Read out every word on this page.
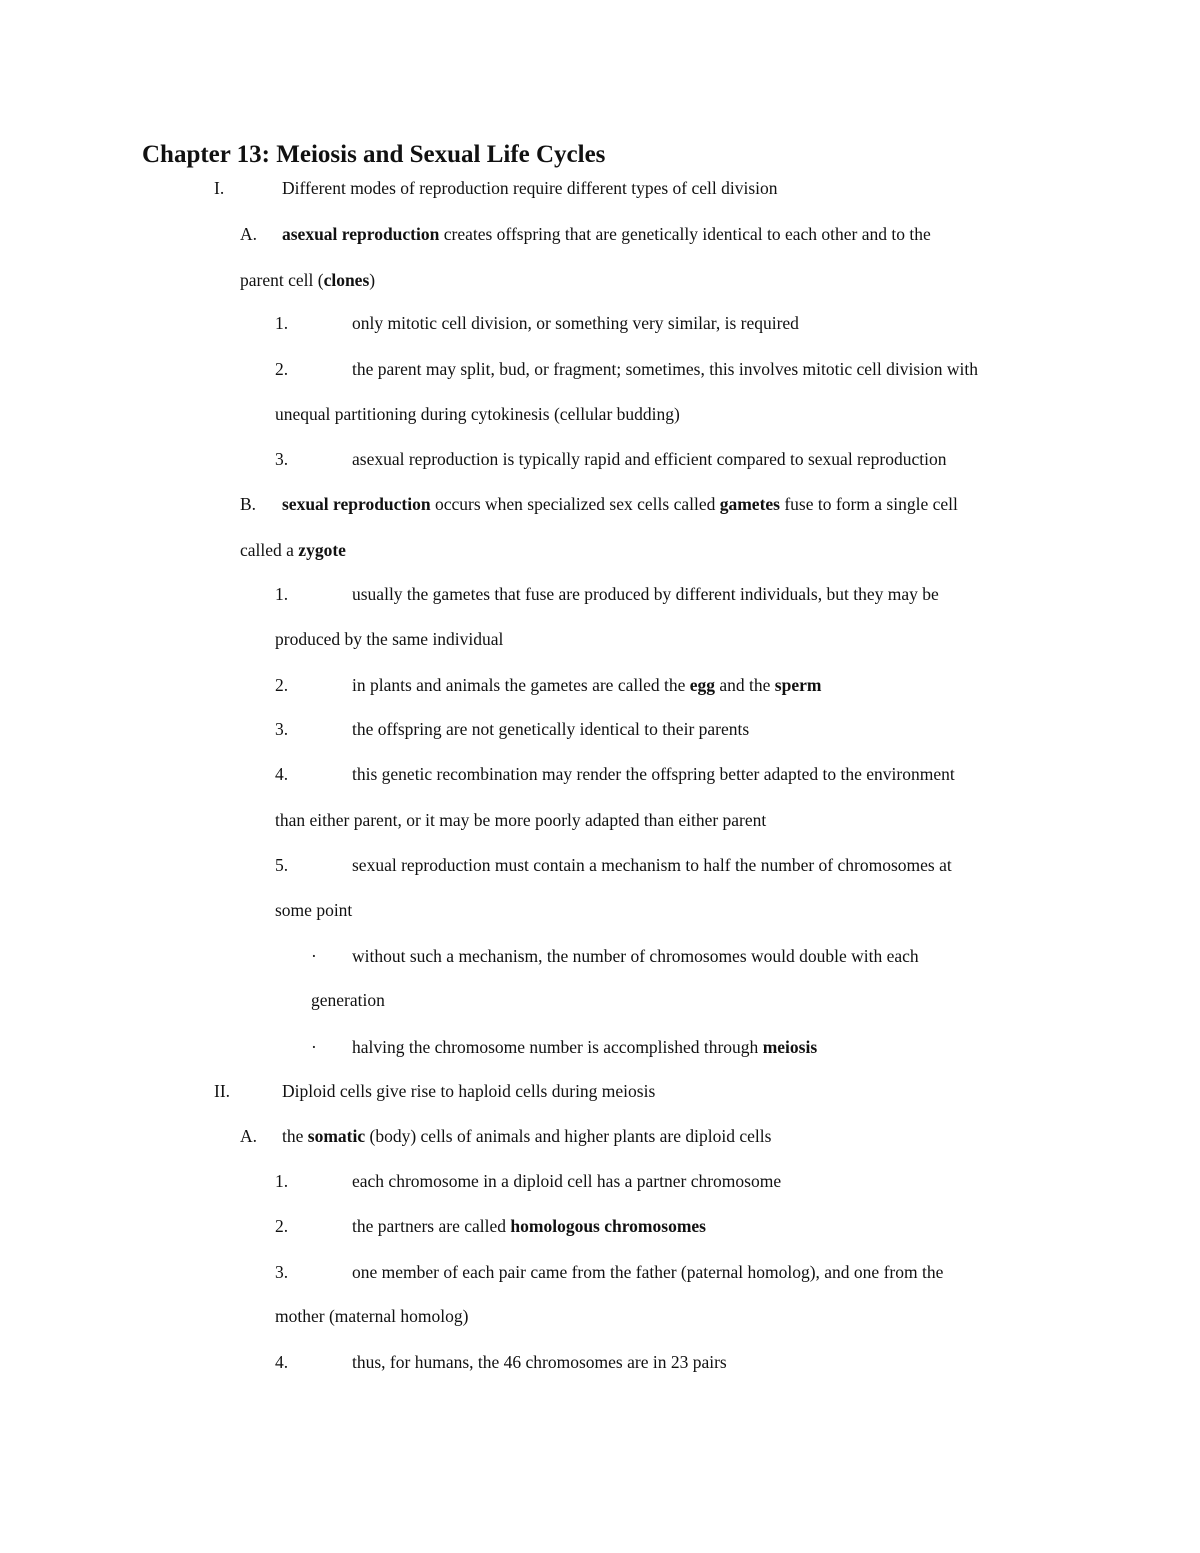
Chapter 13: Meiosis and Sexual Life Cycles
I.	Different modes of reproduction require different types of cell division

A. asexual reproduction creates offspring that are genetically identical to each other and to the

parent cell (clones)

1.	only mitotic cell division, or something very similar, is required

2.	the parent may split, bud, or fragment; sometimes, this involves mitotic cell division with

unequal partitioning during cytokinesis (cellular budding)

3.	asexual reproduction is typically rapid and efficient compared to sexual reproduction

B. sexual reproduction occurs when specialized sex cells called gametes fuse to form a single cell

called a zygote

1.	usually the gametes that fuse are produced by different individuals, but they may be

produced by the same individual

2.	in plants and animals the gametes are called the egg and the sperm

3.	the offspring are not genetically identical to their parents

4.	this genetic recombination may render the offspring better adapted to the environment

than either parent, or it may be more poorly adapted than either parent

5.	sexual reproduction must contain a mechanism to half the number of chromosomes at

some point

· without such a mechanism, the number of chromosomes would double with each

generation

· halving the chromosome number is accomplished through meiosis

II.	Diploid cells give rise to haploid cells during meiosis

A. the somatic (body) cells of animals and higher plants are diploid cells

1.	each chromosome in a diploid cell has a partner chromosome

2.	the partners are called homologous chromosomes

3.	one member of each pair came from the father (paternal homolog), and one from the

mother (maternal homolog)

4.	thus, for humans, the 46 chromosomes are in 23 pairs
